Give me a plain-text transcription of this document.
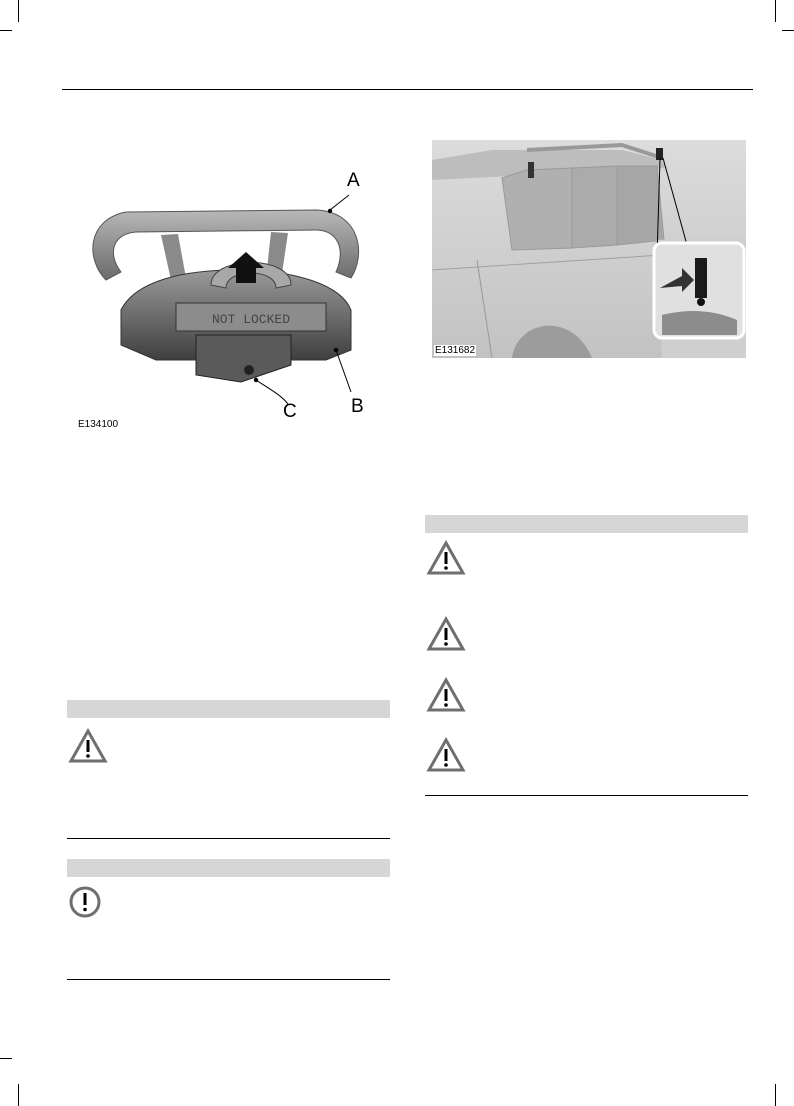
NOT LOCKED
A
B
C
E134100
E131682
